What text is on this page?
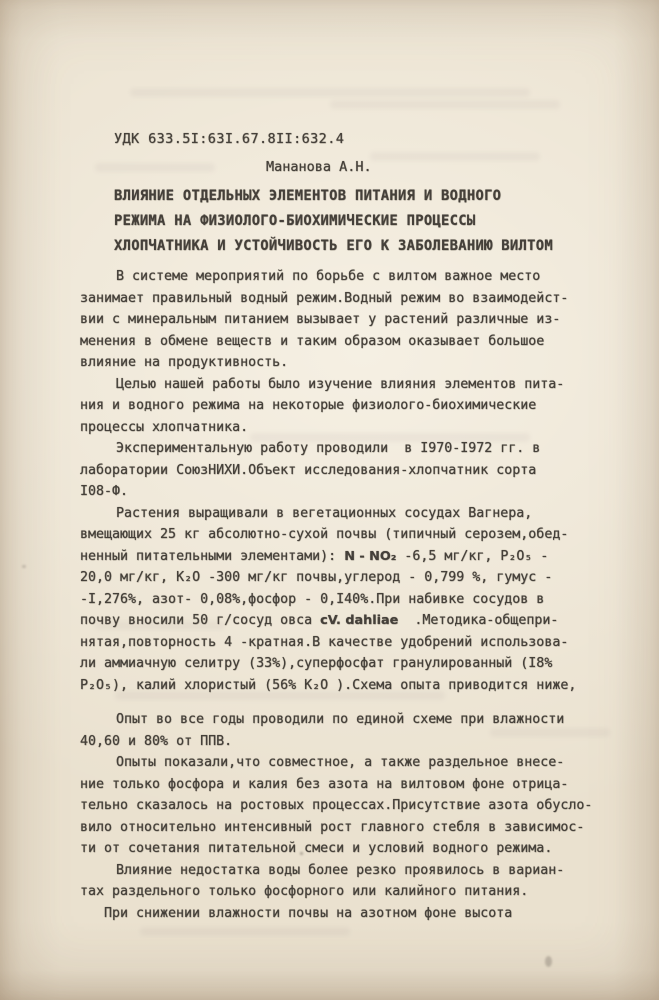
УДК 633.5I:63I.67.8II:632.4
Мананова А.Н.
ВЛИЯНИЕ ОТДЕЛЬНЫХ ЭЛЕМЕНТОВ ПИТАНИЯ И ВОДНОГО
РЕЖИМА НА ФИЗИОЛОГО-БИОХИМИЧЕСКИЕ ПРОЦЕССЫ
ХЛОПЧАТНИКА И УСТОЙЧИВОСТЬ ЕГО К ЗАБОЛЕВАНИЮ ВИЛТОМ
В системе мероприятий по борьбе с вилтом важное место
занимает правильный водный режим.Водный режим во взаимодейст-
вии с минеральным питанием вызывает у растений различные из-
менения в обмене веществ и таким образом оказывает большое
влияние на продуктивность.
Целью нашей работы было изучение влияния элементов пита-
ния и водного режима на некоторые физиолого-биохимические
процессы хлопчатника.
Экспериментальную работу проводили  в I970-I972 гг. в
лаборатории СоюзНИХИ.Объект исследования-хлопчатник сорта
I08-Ф.
Растения выращивали в вегетационных сосудах Вагнера,
вмещающих 25 кг абсолютно-сухой почвы (типичный серозем,обед-
ненный питательными элементами): N - NO₂ -6,5 мг/кг, P₂O₅ -
20,0 мг/кг, К₂О -300 мг/кг почвы,углерод - 0,799 %, гумус -
-I,276%, азот- 0,08%,фосфор - 0,I40%.При набивке сосудов в
почву вносили 50 г/сосуд овса cV. dahliae  .Методика-общепри-
нятая,повторность 4 -кратная.В качестве удобрений использова-
ли аммиачную селитру (33%),суперфосфат гранулированный (I8%
P₂O₅), калий хлористый (56% К₂О ).Схема опыта приводится ниже,
Опыт во все годы проводили по единой схеме при влажности
40,60 и 80% от ППВ.
Опыты показали,что совместное, а также раздельное внесе-
ние только фосфора и калия без азота на вилтовом фоне отрица-
тельно сказалось на ростовых процессах.Присутствие азота обусло-
вило относительно интенсивный рост главного стебля в зависимос-
ти от сочетания питательной смеси и условий водного режима.
Влияние недостатка воды более резко проявилось в вариан-
тах раздельного только фосфорного или калийного питания.
При снижении влажности почвы на азотном фоне высота
